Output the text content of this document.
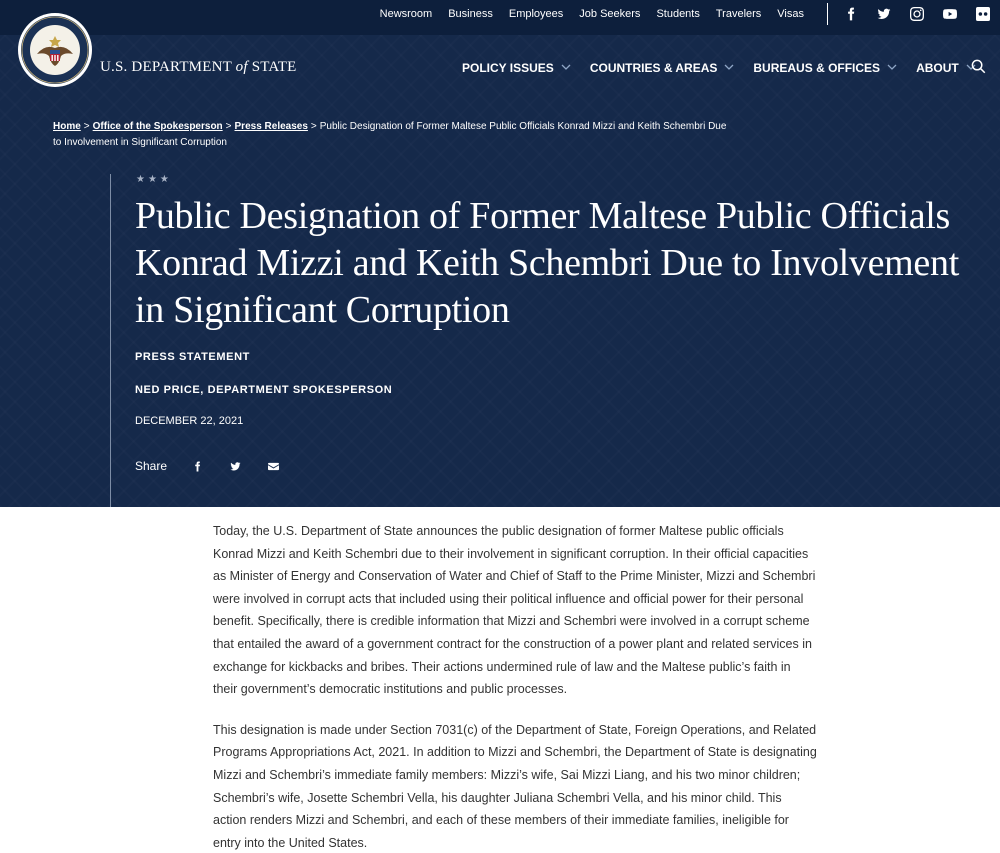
Newsroom Business Employees Job Seekers Students Travelers Visas
U.S. DEPARTMENT of STATE	POLICY ISSUES	COUNTRIES & AREAS	BUREAUS & OFFICES	ABOUT
Home > Office of the Spokesperson > Press Releases > Public Designation of Former Maltese Public Officials Konrad Mizzi and Keith Schembri Due to Involvement in Significant Corruption
★★★
Public Designation of Former Maltese Public Officials Konrad Mizzi and Keith Schembri Due to Involvement in Significant Corruption
PRESS STATEMENT
NED PRICE, DEPARTMENT SPOKESPERSON
DECEMBER 22, 2021
Share

Today, the U.S. Department of State announces the public designation of former Maltese public officials Konrad Mizzi and Keith Schembri due to their involvement in significant corruption. In their official capacities as Minister of Energy and Conservation of Water and Chief of Staff to the Prime Minister, Mizzi and Schembri were involved in corrupt acts that included using their political influence and official power for their personal benefit. Specifically, there is credible information that Mizzi and Schembri were involved in a corrupt scheme that entailed the award of a government contract for the construction of a power plant and related services in exchange for kickbacks and bribes. Their actions undermined rule of law and the Maltese public’s faith in their government’s democratic institutions and public processes.

This designation is made under Section 7031(c) of the Department of State, Foreign Operations, and Related Programs Appropriations Act, 2021. In addition to Mizzi and Schembri, the Department of State is designating Mizzi and Schembri’s immediate family members: Mizzi’s wife, Sai Mizzi Liang, and his two minor children; Schembri’s wife, Josette Schembri Vella, his daughter Juliana Schembri Vella, and his minor child. This action renders Mizzi and Schembri, and each of these members of their immediate families, ineligible for entry into the United States.
